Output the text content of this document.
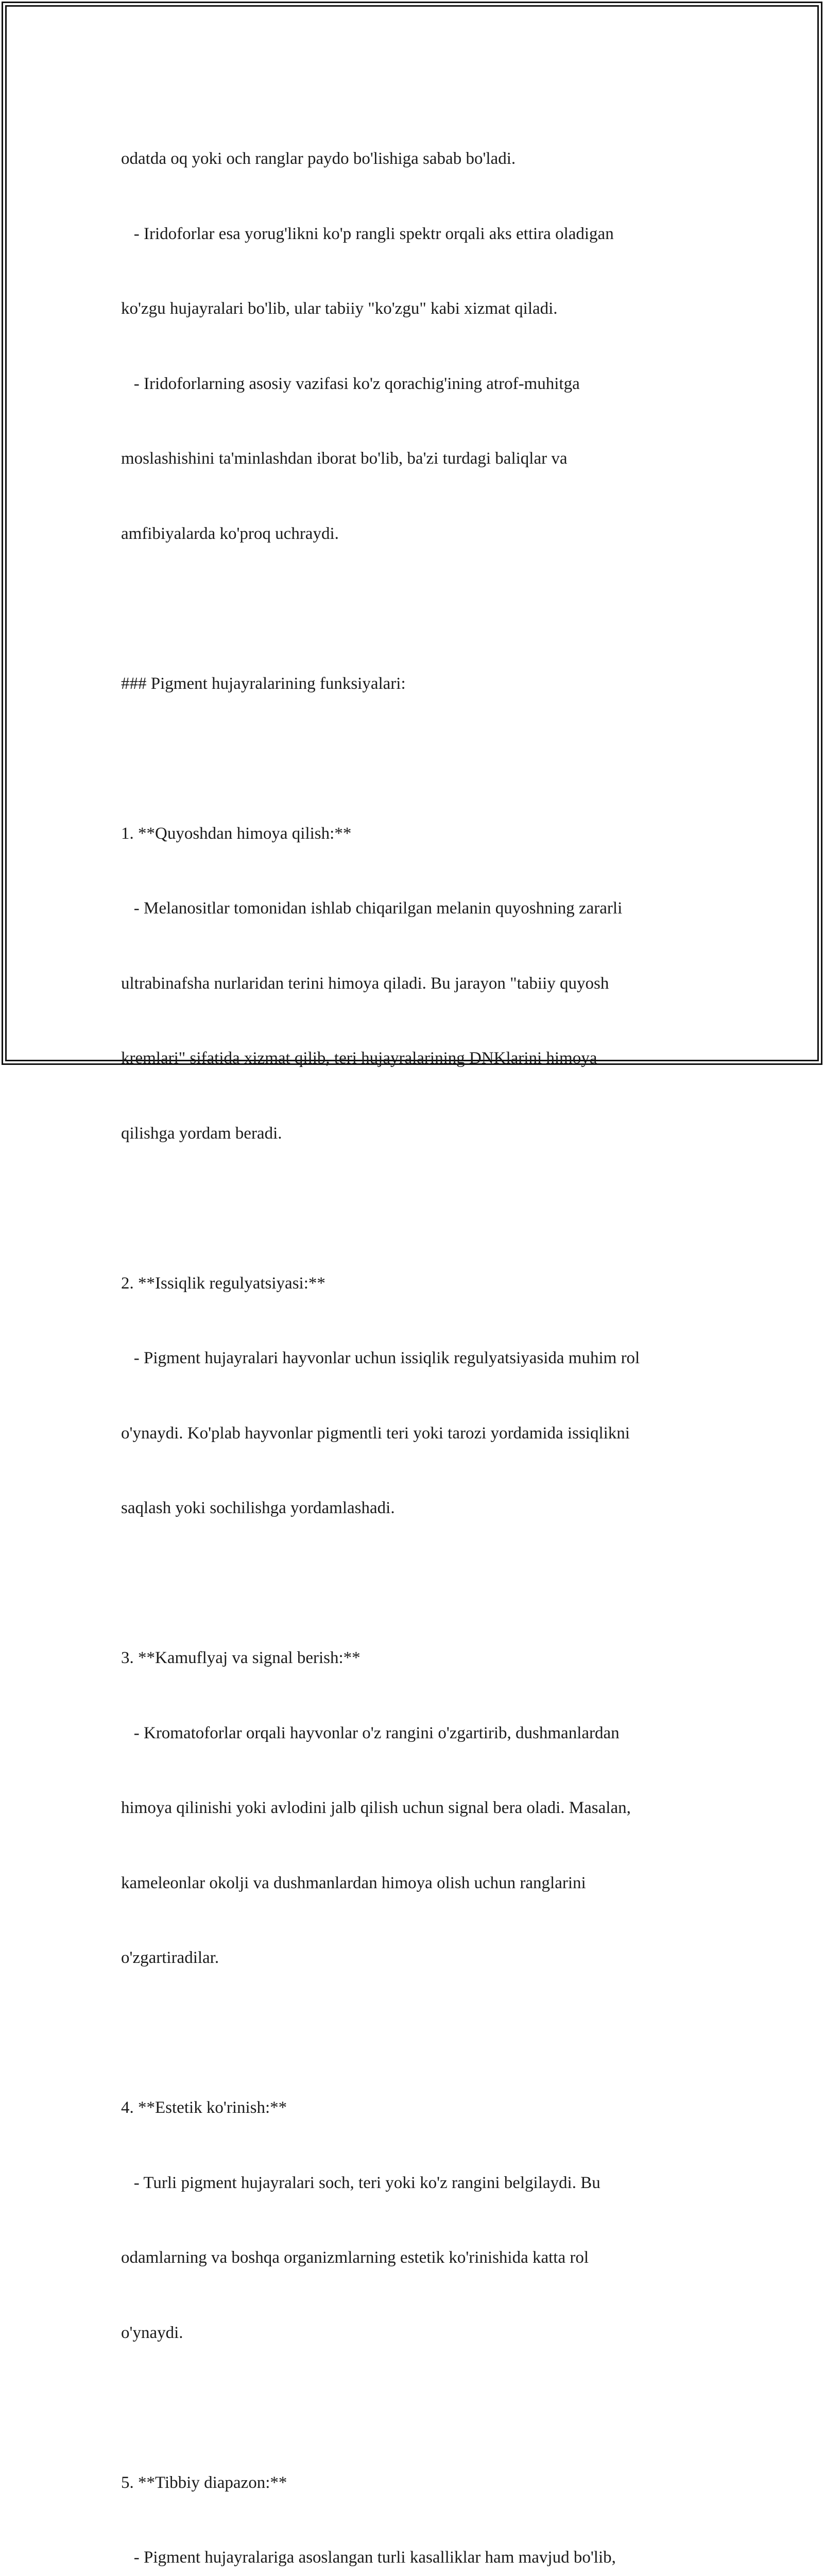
odatda oq yoki och ranglar paydo bo'lishiga sabab bo'ladi.

- Iridoforlar esa yorug'likni ko'p rangli spektr orqali aks ettira oladigan

ko'zgu hujayralari bo'lib, ular tabiiy "ko'zgu" kabi xizmat qiladi.

- Iridoforlarning asosiy vazifasi ko'z qorachig'ining atrof-muhitga

moslashishini ta'minlashdan iborat bo'lib, ba'zi turdagi baliqlar va

amfibiyalarda ko'proq uchraydi.

### Pigment hujayralarining funksiyalari:

1. **Quyoshdan himoya qilish:**

- Melanositlar tomonidan ishlab chiqarilgan melanin quyoshning zararli

ultrabinafsha nurlaridan terini himoya qiladi. Bu jarayon "tabiiy quyosh

kremlari" sifatida xizmat qilib, teri hujayralarining DNKlarini himoya

qilishga yordam beradi.

2. **Issiqlik regulyatsiyasi:**

- Pigment hujayralari hayvonlar uchun issiqlik regulyatsiyasida muhim rol

o'ynaydi. Ko'plab hayvonlar pigmentli teri yoki tarozi yordamida issiqlikni

saqlash yoki sochilishga yordamlashadi.

3. **Kamuflyaj va signal berish:**

- Kromatoforlar orqali hayvonlar o'z rangini o'zgartirib, dushmanlardan

himoya qilinishi yoki avlodini jalb qilish uchun signal bera oladi. Masalan,

kameleonlar okolji va dushmanlardan himoya olish uchun ranglarini

o'zgartiradilar.

4. **Estetik ko'rinish:**

- Turli pigment hujayralari soch, teri yoki ko'z rangini belgilaydi. Bu

odamlarning va boshqa organizmlarning estetik ko'rinishida katta rol

o'ynaydi.

5. **Tibbiy diapazon:**

- Pigment hujayralariga asoslangan turli kasalliklar ham mavjud bo'lib,
